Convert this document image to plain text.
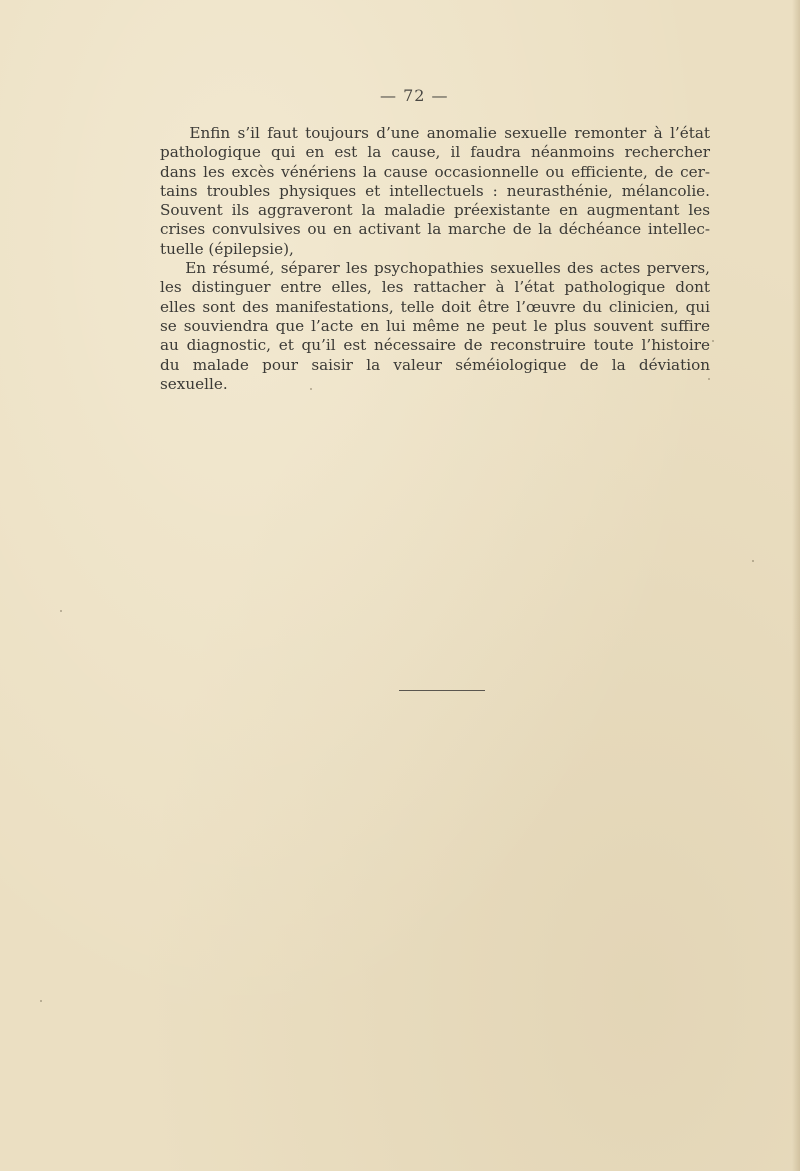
— 72 —
Enfin s’il faut toujours d’une anomalie sexuelle remonter à l’état
pathologique qui en est la cause, il faudra néanmoins rechercher
dans les excès vénériens la cause occasionnelle ou efficiente, de cer-
tains troubles physiques et intellectuels : neurasthénie, mélancolie.
Souvent ils aggraveront la maladie préexistante en augmentant les
crises convulsives ou en activant la marche de la déchéance intellec-
tuelle (épilepsie),
En résumé, séparer les psychopathies sexuelles des actes pervers,
les distinguer entre elles, les rattacher à l’état pathologique dont
elles sont des manifestations, telle doit être l’œuvre du clinicien, qui
se souviendra que l’acte en lui même ne peut le plus souvent suffire
au diagnostic, et qu’il est nécessaire de reconstruire toute l’histoire
du malade pour saisir la valeur séméiologique de la déviation
sexuelle.
